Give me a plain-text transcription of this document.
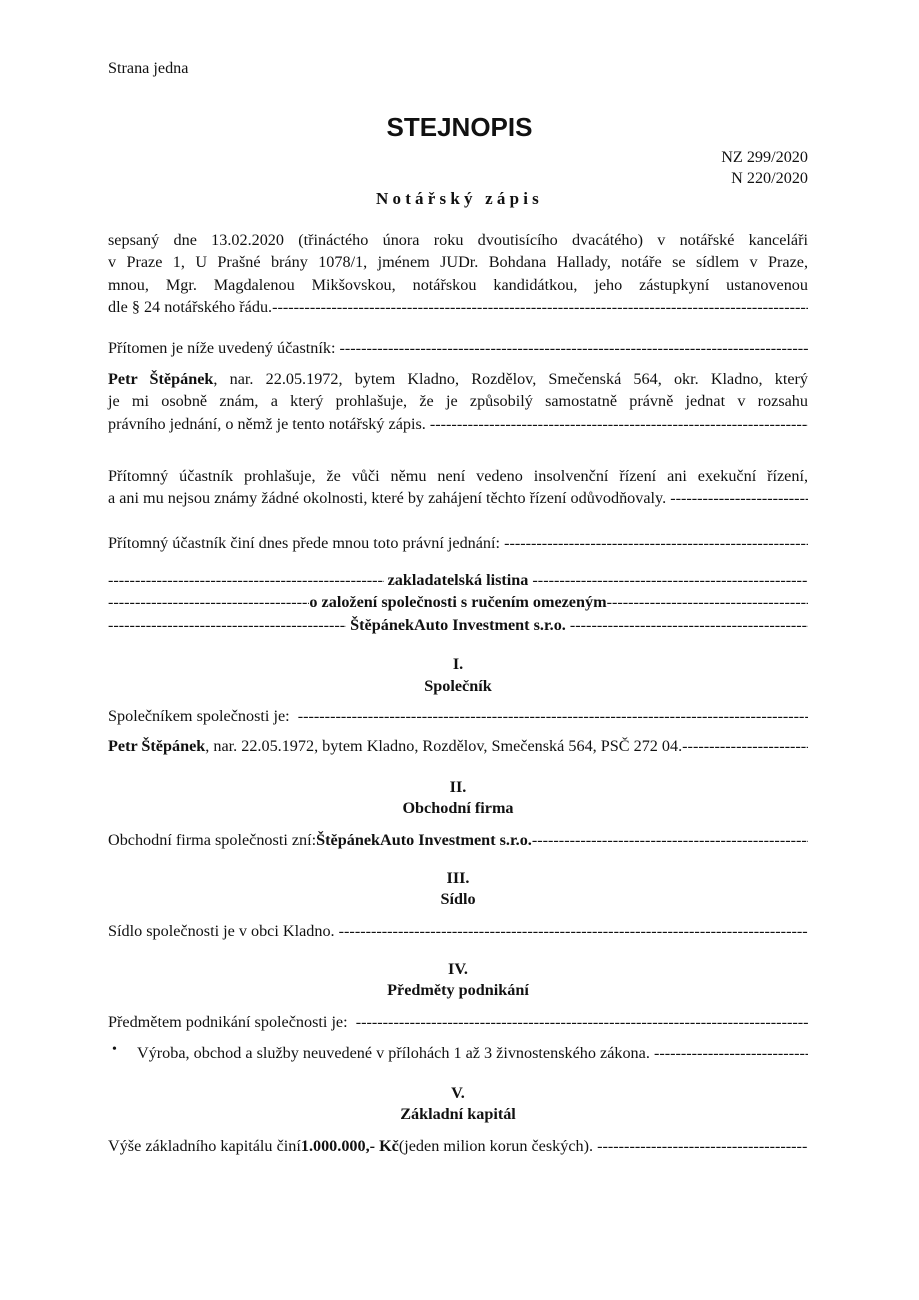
Strana jedna
STEJNOPIS
NZ 299/2020
N 220/2020
Notářský zápis
sepsaný dne 13.02.2020 (třináctého února roku dvoutisícího dvacátého) v notářské kanceláři
v Praze 1, U Prašné brány 1078/1, jménem JUDr. Bohdana Hallady, notáře se sídlem v Praze,
mnou, Mgr. Magdalenou Mikšovskou, notářskou kandidátkou, jeho zástupkyní ustanovenou
dle § 24 notářského řádu.
-----
Přítomen je níže uvedený účastník:

-----
Petr Štěpánek, nar. 22.05.1972, bytem Kladno, Rozdělov, Smečenská 564, okr. Kladno, který
je mi osobně znám, a který prohlašuje, že je způsobilý samostatně právně jednat v rozsahu
právního jednání, o němž je tento notářský zápis.

-----
Přítomný účastník prohlašuje, že vůči němu není vedeno insolvenční řízení ani exekuční řízení,
a ani mu nejsou známy žádné okolnosti, které by zahájení těchto řízení odůvodňovaly.

-----
Přítomný účastník činí dnes přede mnou toto právní jednání:

-----
-----

zakladatelská listina

-----
-----
o založení společnosti s ručením omezeným
-----
-----

ŠtěpánekAuto Investment s.r.o.

-----
I.
Společník
Společníkem společnosti je:

-----
Petr Štěpánek , nar. 22.05.1972, bytem Kladno, Rozdělov, Smečenská 564, PSČ 272 04.
-----
II.
Obchodní firma
Obchodní firma společnosti zní: ŠtěpánekAuto Investment s.r.o.
-----
III.
Sídlo
Sídlo společnosti je v obci Kladno.

-----
IV.
Předměty podnikání
Předmětem podnikání společnosti je:

-----
• Výroba, obchod a služby neuvedené v přílohách 1 až 3 živnostenského zákona.

-----
V.
Základní kapitál
Výše základního kapitálu činí 1.000.000,- Kč (jeden milion korun českých).

-----
